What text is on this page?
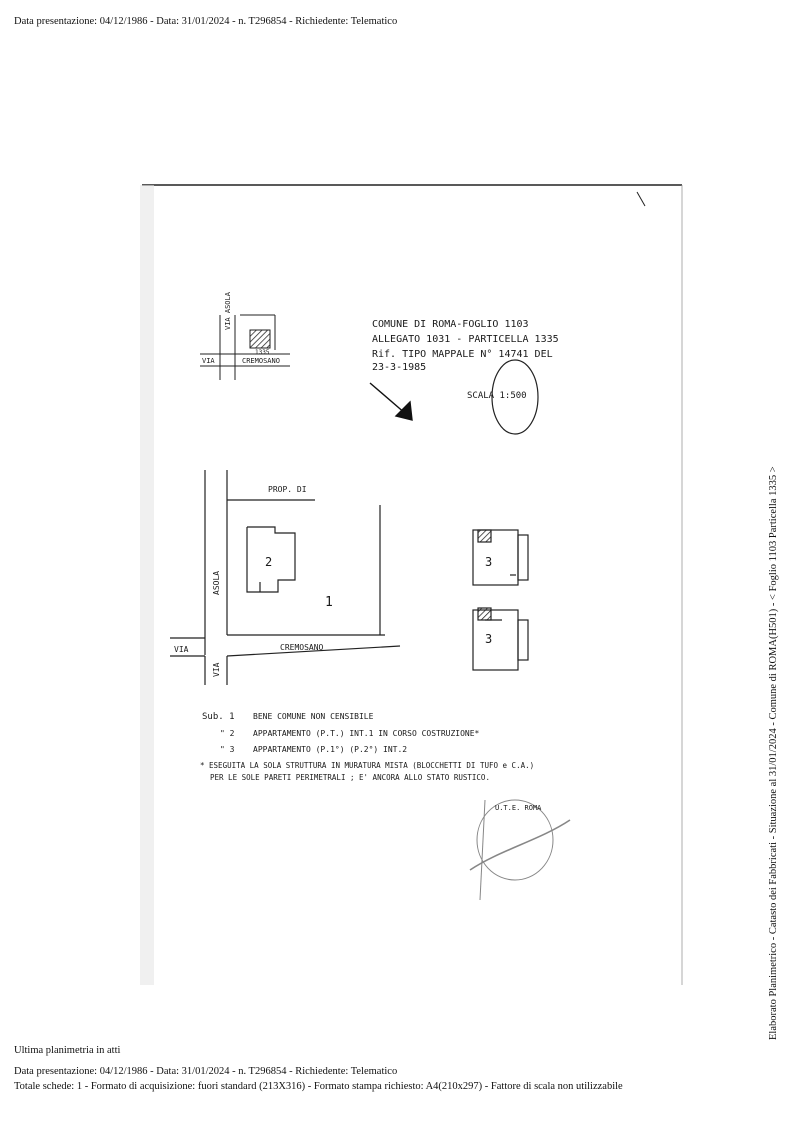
Data presentazione: 04/12/1986 - Data: 31/01/2024 - n. T296854 - Richiedente: Telematico
VIA ASOLA
CREMOSANO
VIA
1335
COMUNE DI ROMA-FOGLIO 1103
ALLEGATO 1031 - PARTICELLA 1335
Rif. TIPO MAPPALE N° 14741 DEL
23-3-1985
SCALA 1:500
PROP. DI
ASOLA
VIA
VIA	CREMOSANO
1
2	3
3
Sub. 1 BENE COMUNE NON CENSIBILE
" 2 APPARTAMENTO (P.T.) INT.1 IN CORSO COSTRUZIONE*
" 3 APPARTAMENTO (P.1°) (P.2°) INT.2
* ESEGUITA LA SOLA STRUTTURA IN MURATURA MISTA (BLOCCHETTI DI TUFO e C.A.)
PER LE SOLE PARETI PERIMETRALI ; E' ANCORA ALLO STATO RUSTICO.
U.T.E. ROMA	Elaborato Planimetrico - Catasto dei Fabbricati - Situazione al 31/01/2024 - Comune di ROMA(H501) - < Foglio 1103 Particella 1335 >
Ultima planimetria in atti
Data presentazione: 04/12/1986 - Data: 31/01/2024 - n. T296854 - Richiedente: Telematico
Totale schede: 1 - Formato di acquisizione: fuori standard (213X316) - Formato stampa richiesto: A4(210x297) - Fattore di scala non utilizzabile
